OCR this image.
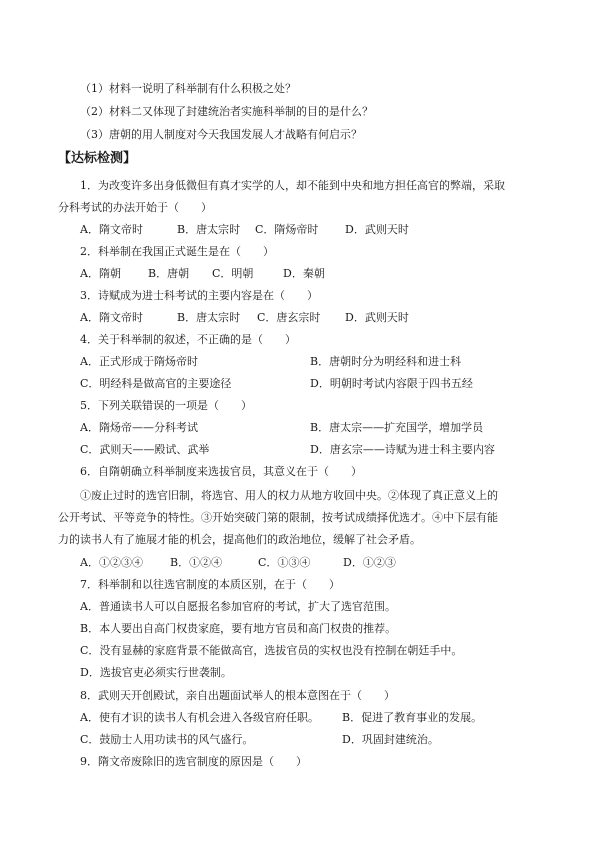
（1）材料一说明了科举制有什么积极之处？
（2）材料二又体现了封建统治者实施科举制的目的是什么？
（3）唐朝的用人制度对今天我国发展人才战略有何启示？
【达标检测】
1．为改变许多出身低微但有真才实学的人，却不能到中央和地方担任高官的弊端，采取
分科考试的办法开始于（　　）
A．隋文帝时	B．唐太宗时 C．隋炀帝时 D．武则天时
2．科举制在我国正式诞生是在（　　）
A．隋朝 B．唐朝 C．明朝	D．秦朝
3．诗赋成为进士科考试的主要内容是在（　　）
A．隋文帝时	B．唐太宗时 C．唐玄宗时 D．武则天时
4．关于科举制的叙述，不正确的是（　　）
A．正式形成于隋炀帝时	B．唐朝时分为明经科和进士科
C．明经科是做高官的主要途径	D．明朝时考试内容限于四书五经
5．下列关联错误的一项是（　　）
A．隋炀帝——分科考试	B．唐太宗——扩充国学，增加学员
C．武则天——殿试、武举	D．唐玄宗——诗赋为进士科主要内容
6．自隋朝确立科举制度来选拔官员，其意义在于（　　）
①废止过时的选官旧制，将选官、用人的权力从地方收回中央。②体现了真正意义上的
公开考试、平等竞争的特性。③开始突破门第的限制，按考试成绩择优选才。④中下层有能
力的读书人有了施展才能的机会，提高他们的政治地位，缓解了社会矛盾。
A．①②③④ B．①②④	C．①③④	D．①②③
7．科举制和以往选官制度的本质区别，在于（　　）
A．普通读书人可以自愿报名参加官府的考试，扩大了选官范围。
B．本人要出自高门权贵家庭，要有地方官员和高门权贵的推荐。
C．没有显赫的家庭背景不能做高官，选拔官员的实权也没有控制在朝廷手中。
D．选拔官吏必须实行世袭制。
8．武则天开创殿试，亲自出题面试举人的根本意图在于（　　）
A．使有才识的读书人有机会进入各级官府任职。 B．促进了教育事业的发展。
C．鼓励士人用功读书的风气盛行。	D．巩固封建统治。
9．隋文帝废除旧的选官制度的原因是（　　）
